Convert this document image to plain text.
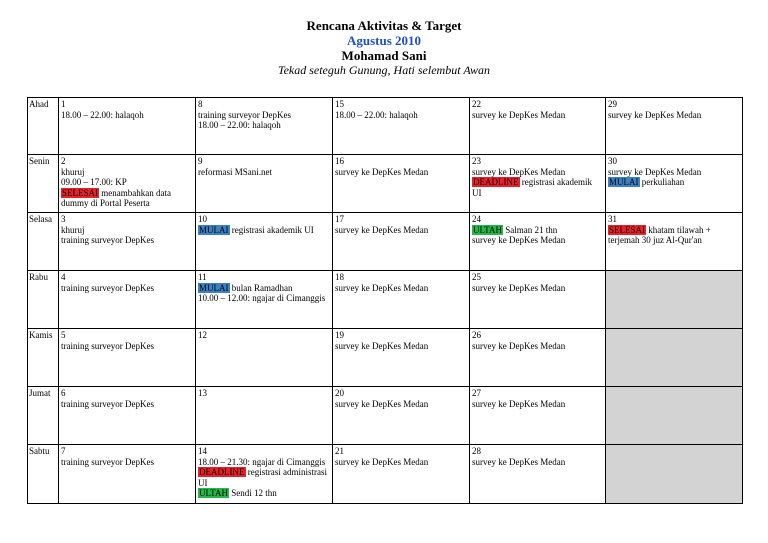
Rencana Aktivitas & Target
Agustus 2010
Mohamad Sani
Tekad seteguh Gunung, Hati selembut Awan
Ahad	1
18.00 – 22.00: halaqoh	8
training surveyor DepKes
18.00 – 22.00: halaqoh	15
18.00 – 22.00: halaqoh	22
survey ke DepKes Medan	29
survey ke DepKes Medan

Senin	2
khuruj
09.00 – 17.00: KP
SELESAI menambahkan data dummy di Portal Peserta	9
reformasi MSani.net	16
survey ke DepKes Medan	23
survey ke DepKes Medan
DEADLINE registrasi akademik UI	30
survey ke DepKes Medan
MULAI perkuliahan

Selasa	3
khuruj
training surveyor DepKes	10
MULAI registrasi akademik UI	17
survey ke DepKes Medan	24
ULTAH Salman 21 thn
survey ke DepKes Medan	31
SELESAI khatam tilawah + terjemah 30 juz Al-Qur'an

Rabu	4
training surveyor DepKes	11
MULAI bulan Ramadhan
10.00 – 12.00: ngajar di Cimanggis	18
survey ke DepKes Medan	25
survey ke DepKes Medan	

Kamis	5
training surveyor DepKes	12	19
survey ke DepKes Medan	26
survey ke DepKes Medan	

Jumat	6
training surveyor DepKes	13	20
survey ke DepKes Medan	27
survey ke DepKes Medan	

Sabtu	7
training surveyor DepKes	14
18.00 – 21.30: ngajar di Cimanggis
DEADLINE registrasi administrasi UI
ULTAH Sendi 12 thn	21
survey ke DepKes Medan	28
survey ke DepKes Medan	
